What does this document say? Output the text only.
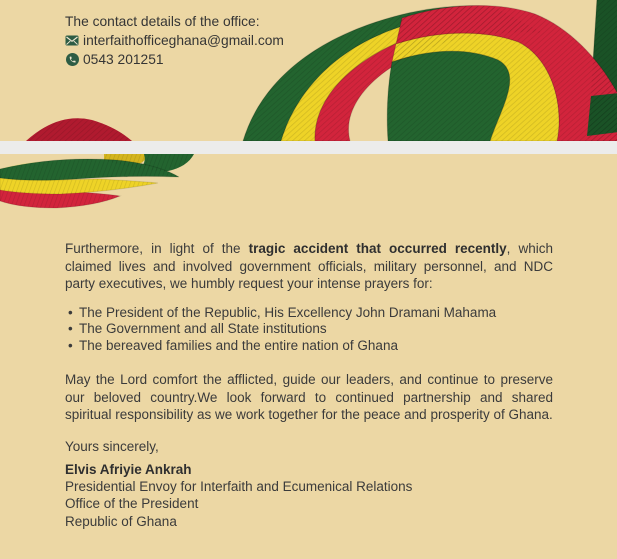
The contact details of the office:
interfaithofficeghana@gmail.com
0543 201251

Furthermore, in light of the tragic accident that occurred recently, which claimed lives and involved government officials, military personnel, and NDC party executives, we humbly request your intense prayers for:

• The President of the Republic, His Excellency John Dramani Mahama
• The Government and all State institutions
• The bereaved families and the entire nation of Ghana

May the Lord comfort the afflicted, guide our leaders, and continue to preserve our beloved country.We look forward to continued partnership and shared spiritual responsibility as we work together for the peace and prosperity of Ghana.

Yours sincerely,

Elvis Afriyie Ankrah

Presidential Envoy for Interfaith and Ecumenical Relations

Office of the President

Republic of Ghana
